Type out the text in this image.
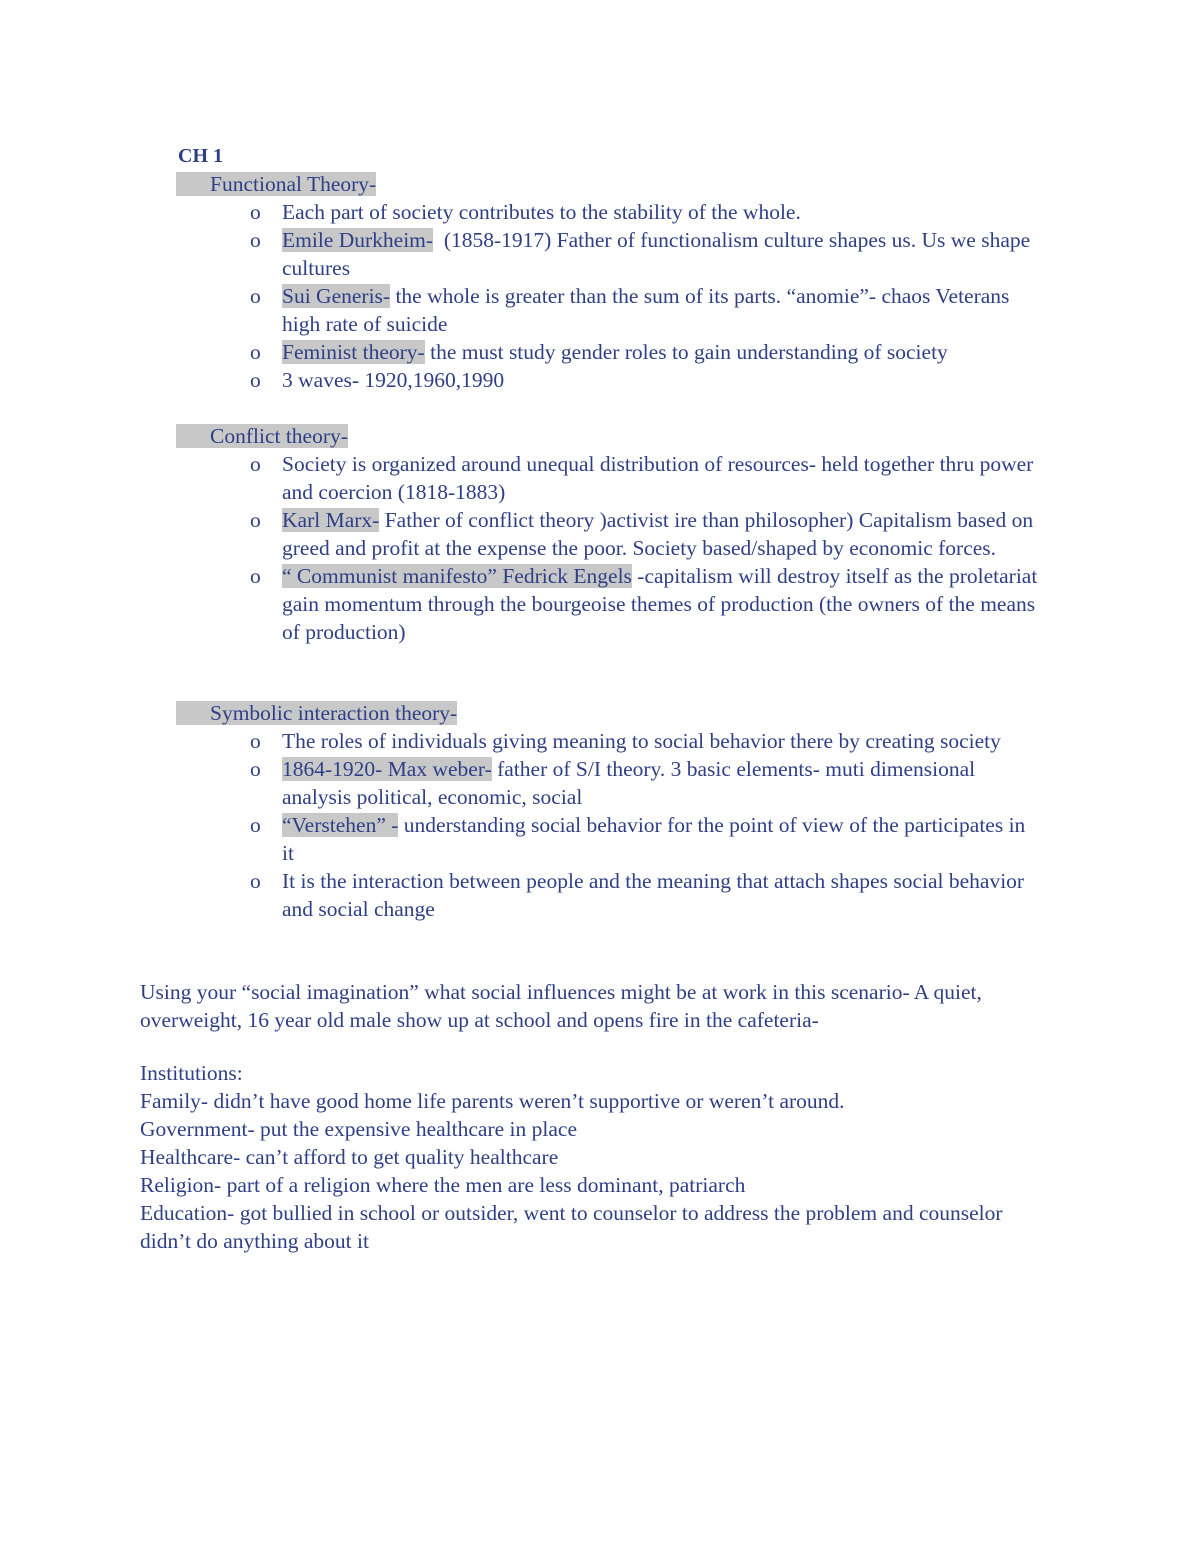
CH 1
Functional Theory-
o Each part of society contributes to the stability of the whole.
o Emile Durkheim-  (1858-1917) Father of functionalism culture shapes us. Us we shape cultures
o Sui Generis- the whole is greater than the sum of its parts. “anomie”- chaos Veterans high rate of suicide
o Feminist theory- the must study gender roles to gain understanding of society
o 3 waves- 1920,1960,1990
Conflict theory-
o Society is organized around unequal distribution of resources- held together thru power and coercion (1818-1883)
o Karl Marx- Father of conflict theory )activist ire than philosopher) Capitalism based on greed and profit at the expense the poor. Society based/shaped by economic forces.
o “ Communist manifesto” Fedrick Engels -capitalism will destroy itself as the proletariat gain momentum through the bourgeoise themes of production (the owners of the means of production)
Symbolic interaction theory-
o The roles of individuals giving meaning to social behavior there by creating society
o 1864-1920- Max weber- father of S/I theory. 3 basic elements- muti dimensional analysis political, economic, social
o “Verstehen” - understanding social behavior for the point of view of the participates in it
o It is the interaction between people and the meaning that attach shapes social behavior and social change
Using your “social imagination” what social influences might be at work in this scenario- A quiet, overweight, 16 year old male show up at school and opens fire in the cafeteria-
Institutions:
Family- didn’t have good home life parents weren’t supportive or weren’t around.
Government- put the expensive healthcare in place
Healthcare- can’t afford to get quality healthcare
Religion- part of a religion where the men are less dominant, patriarch
Education- got bullied in school or outsider, went to counselor to address the problem and counselor didn’t do anything about it
